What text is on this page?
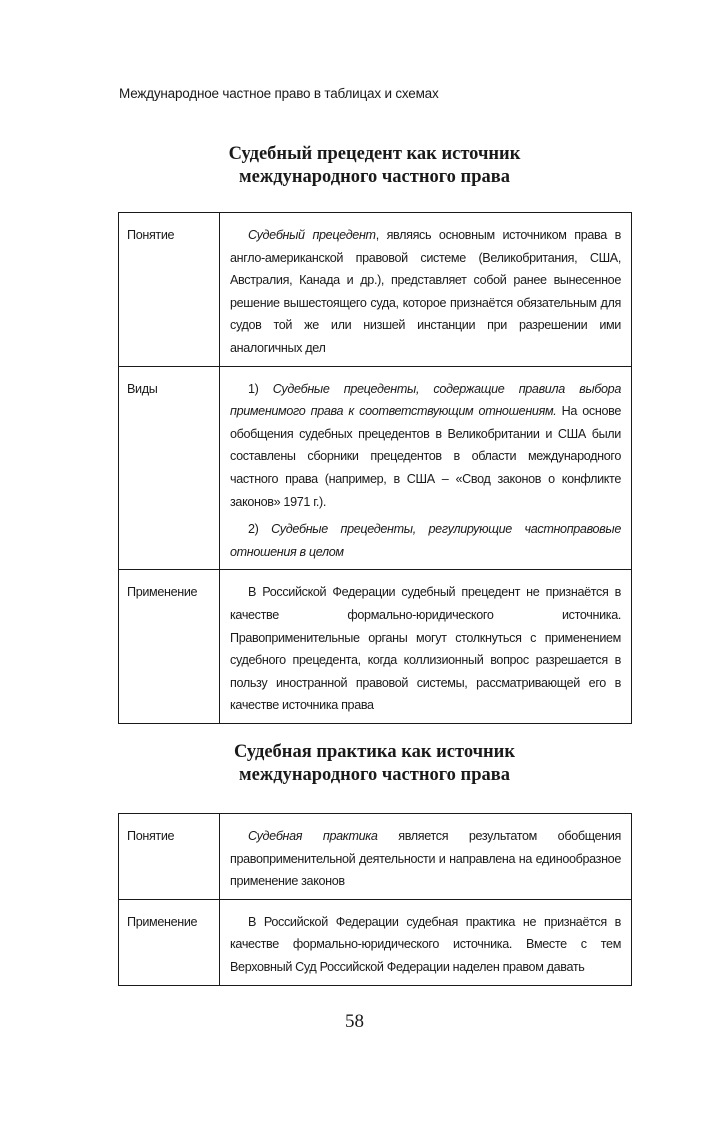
Международное частное право в таблицах и схемах
Судебный прецедент как источник
международного частного права
Понятие	Судебный прецедент, являясь основным источником права в англо-американской правовой системе (Великобритания, США, Австралия, Канада и др.), представляет собой ранее вынесенное решение вышестоящего суда, которое признаётся обязательным для судов той же или низшей инстанции при разрешении ими аналогичных дел

Виды	1) Судебные прецеденты, содержащие правила выбора применимого права к соответствующим отношениям. На основе обобщения судебных прецедентов в Великобритании и США были составлены сборники прецедентов в области международного частного права (например, в США – «Свод законов о конфликте законов» 1971 г.).

2) Судебные прецеденты, регулирующие частноправовые отношения в целом

Применение	В Российской Федерации судебный прецедент не признаётся в качестве формально-юридического источника. Правоприменительные органы могут столкнуться с применением судебного прецедента, когда коллизионный вопрос разрешается в пользу иностранной правовой системы, рассматривающей его в качестве источника права

Судебная практика как источник
международного частного права
Понятие	Судебная практика является результатом обобщения правоприменительной деятельности и направлена на единообразное применение законов

Применение	В Российской Федерации судебная практика не признаётся в качестве формально-юридического источника. Вместе с тем Верховный Суд Российской Федерации наделен правом давать

58
